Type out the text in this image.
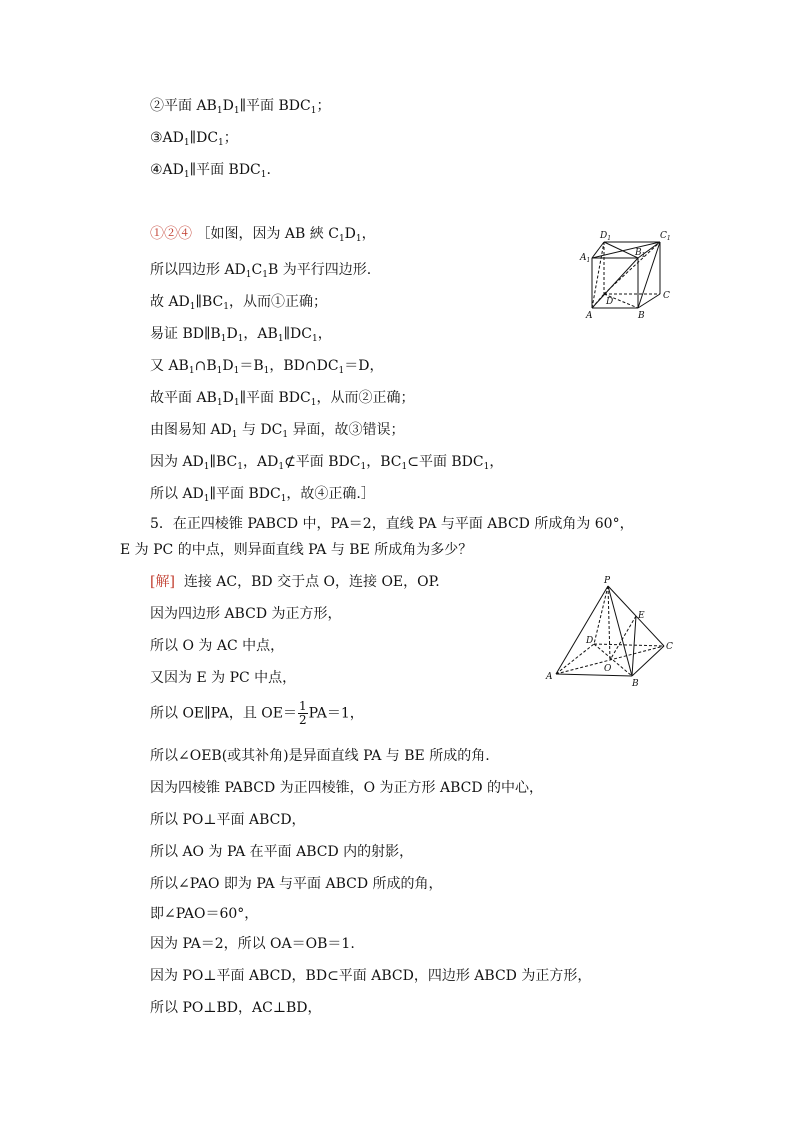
②平面 $AB_1D_1\parallel$平面 $BDC_1$；
$③AD_1\parallel DC_1$；
$④AD_1\parallel$平面 $BDC_1$.
①②④ ［如图，因为 AB 綊 $C_1D_1$，
所以四边形 $AD_1C_1B$ 为平行四边形.
故 $AD_1\parallel BC_1$，从而①正确；
易证 $BD\parallel B_1D_1$，$AB_1\parallel DC_1$，
又 $AB_1\cap B_1D_1=B_1$，$BD\cap DC_1=D$，
故平面 $AB_1D_1\parallel$平面 $BDC_1$，从而②正确；
由图易知 $AD_1$ 与 $DC_1$ 异面，故③错误；
因为 $AD_1\parallel BC_1$，$AD_1⊄$平面 $BDC_1$，$BC_1\subset$平面 $BDC_1$，
所以 $AD_1\parallel$平面 $BDC_1$，故④正确.］
$D_1$
$B_1$
$C_1$
$A_1$
D
C
A	B
5．在正四棱锥 PABCD 中，PA＝2，直线 PA 与平面 ABCD 所成角为 60°，
E 为 PC 的中点，则异面直线 PA 与 BE 所成角为多少？
[解] 连接 AC，BD 交于点 O，连接 OE，OP.
因为四边形 ABCD 为正方形，
所以 O 为 AC 中点，
又因为 E 为 PC 中点，
所以 OE∥PA，且 $OE= \frac{1}{2} PA=1$，
所以∠OEB(或其补角)是异面直线 PA 与 BE 所成的角.
因为四棱锥 PABCD 为正四棱锥，O 为正方形 ABCD 的中心，
所以 PO⊥平面 ABCD，
所以 AO 为 PA 在平面 ABCD 内的射影，
所以∠PAO 即为 PA 与平面 ABCD 所成的角，
即∠PAO＝60°，
因为 PA＝2，所以 OA＝OB＝1.
因为 PO⊥平面 ABCD，BD⊂平面 ABCD，四边形 ABCD 为正方形，
所以 PO⊥BD，AC⊥BD，
P
E
D
C
O
A
B
